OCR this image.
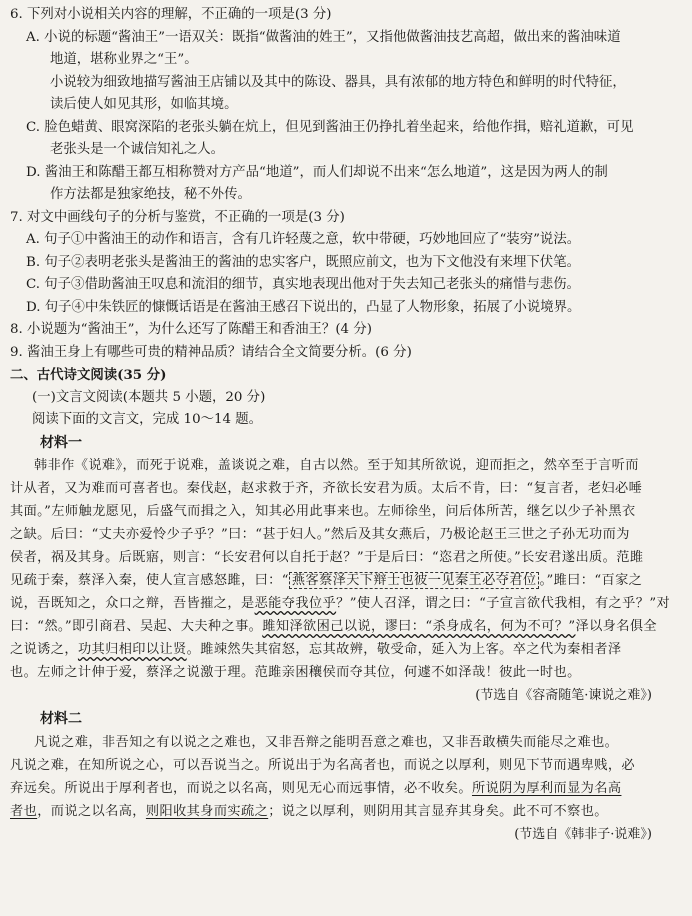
6. 下列对小说相关内容的理解，不正确的一项是(3 分)
A. 小说的标题“酱油王”一语双关：既指“做酱油的姓王”，又指他做酱油技艺高超，做出来的酱油味道
地道，堪称业界之“王”。
小说较为细致地描写酱油王店铺以及其中的陈设、器具，具有浓郁的地方特色和鲜明的时代特征，
读后使人如见其形，如临其境。
C. 脸色蜡黄、眼窝深陷的老张头躺在炕上，但见到酱油王仍挣扎着坐起来，给他作揖，赔礼道歉，可见
老张头是一个诚信知礼之人。
D. 酱油王和陈醋王都互相称赞对方产品“地道”，而人们却说不出来“怎么地道”，这是因为两人的制
作方法都是独家绝技，秘不外传。
7. 对文中画线句子的分析与鉴赏，不正确的一项是(3 分)
A. 句子①中酱油王的动作和语言，含有几许轻蔑之意，软中带硬，巧妙地回应了“装穷”说法。
B. 句子②表明老张头是酱油王的酱油的忠实客户，既照应前文，也为下文他没有来埋下伏笔。
C. 句子③借助酱油王叹息和流泪的细节，真实地表现出他对于失去知己老张头的痛惜与悲伤。
D. 句子④中朱铁匠的慷慨话语是在酱油王感召下说出的，凸显了人物形象，拓展了小说境界。
8. 小说题为“酱油王”，为什么还写了陈醋王和香油王？(4 分)
9. 酱油王身上有哪些可贵的精神品质？请结合全文简要分析。(6 分)
二、古代诗文阅读(35 分)
(一)文言文阅读(本题共 5 小题，20 分)
阅读下面的文言文，完成 10～14 题。
材料一
韩非作《说难》，而死于说难，盖谈说之难，自古以然。至于知其所欲说，迎而拒之，然卒至于言听而
计从者，又为难而可喜者也。秦伐赵，赵求救于齐，齐欲长安君为质。太后不肯，曰：“复言者，老妇必唾
其面。”左师触龙愿见，后盛气而揖之入，知其必用此事来也。左师徐坐，问后体所苦，继乞以少子补黑衣
之缺。后曰：“丈夫亦爱怜少子乎？”曰：“甚于妇人。”然后及其女燕后，乃极论赵王三世之子孙无功而为
侯者，祸及其身。后既寤，则言：“长安君何以自托于赵？”于是后曰：“恣君之所使。”长安君遂出质。范雎
见疏于秦，蔡泽入秦，使人宣言感怒雎，曰：“ 燕客蔡泽天下辩士也彼一见秦王必夺君位 。”雎曰：“百家之
说，吾既知之，众口之辩，吾皆摧之，是恶能夺我位乎？”使人召泽，谓之曰：“子宣言欲代我相，有之乎？”对
曰：“然。”即引商君、吴起、大夫种之事。雎知泽欲困己以说，谬曰：“杀身成名，何为不可？”泽以身名俱全
之说诱之，功其归相印以让贤。雎竦然失其宿怒，忘其故辨，敬受命，延入为上客。卒之代为秦相者泽
也。左师之计伸于爱，蔡泽之说激于理。范雎亲困穰侯而夺其位，何遽不如泽哉！彼此一时也。
(节选自《容斋随笔·谏说之难》)
材料二
凡说之难，非吾知之有以说之之难也，又非吾辩之能明吾意之难也，又非吾敢横失而能尽之难也。
凡说之难，在知所说之心，可以吾说当之。所说出于为名高者也，而说之以厚利，则见下节而遇卑贱，必
弃远矣。所说出于厚利者也，而说之以名高，则见无心而远事情，必不收矣。所说阴为厚利而显为名高
者也，而说之以名高，则阳收其身而实疏之；说之以厚利，则阴用其言显弃其身矣。此不可不察也。
(节选自《韩非子·说难》)
